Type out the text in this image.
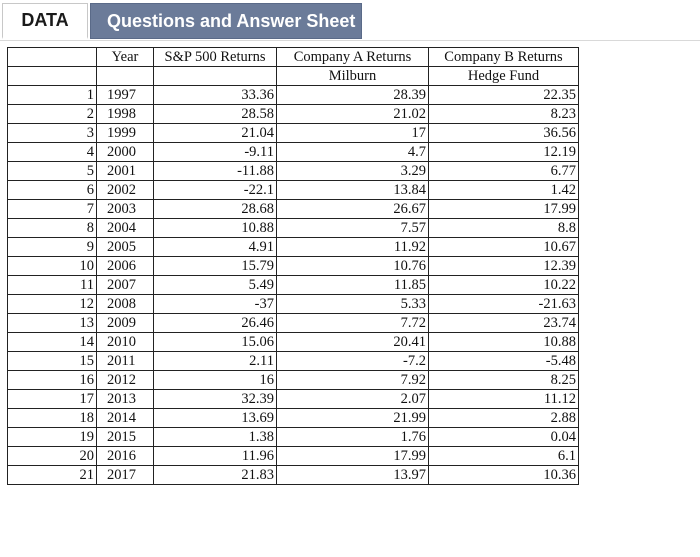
DATA	Questions and Answer Sheet
	Year	S&P 500 Returns	Company A Returns	Company B Returns
			Milburn	Hedge Fund
1	1997	33.36	28.39	22.35
2	1998	28.58	21.02	8.23
3	1999	21.04	17	36.56
4	2000	-9.11	4.7	12.19
5	2001	-11.88	3.29	6.77
6	2002	-22.1	13.84	1.42
7	2003	28.68	26.67	17.99
8	2004	10.88	7.57	8.8
9	2005	4.91	11.92	10.67
10	2006	15.79	10.76	12.39
11	2007	5.49	11.85	10.22
12	2008	-37	5.33	-21.63
13	2009	26.46	7.72	23.74
14	2010	15.06	20.41	10.88
15	2011	2.11	-7.2	-5.48
16	2012	16	7.92	8.25
17	2013	32.39	2.07	11.12
18	2014	13.69	21.99	2.88
19	2015	1.38	1.76	0.04
20	2016	11.96	17.99	6.1
21	2017	21.83	13.97	10.36
